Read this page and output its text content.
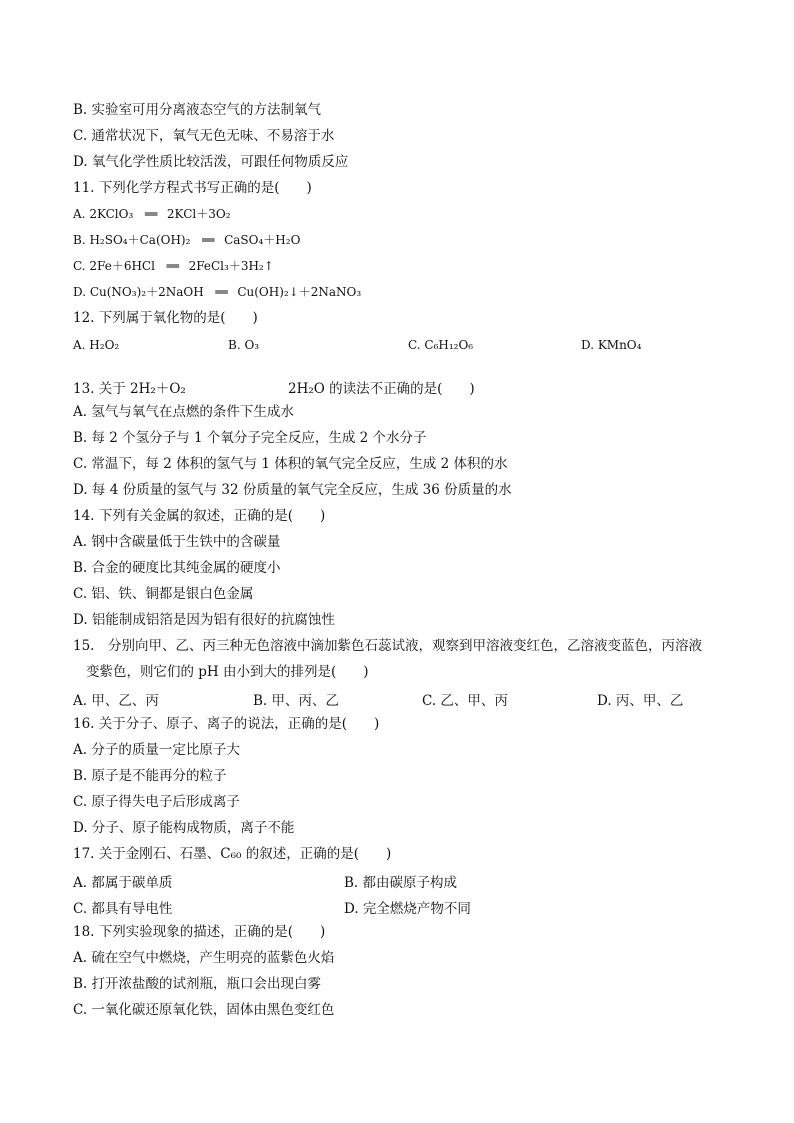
B. 实验室可用分离液态空气的方法制氧气
C. 通常状况下，氧气无色无味、不易溶于水
D. 氧气化学性质比较活泼，可跟任何物质反应
11. 下列化学方程式书写正确的是(　　)
A. 2KClO₃ ══ 2KCl＋3O₂
B. H₂SO₄＋Ca(OH)₂ ══ CaSO₄＋H₂O
C. 2Fe＋6HCl ══ 2FeCl₃＋3H₂↑
D. Cu(NO₃)₂＋2NaOH ══ Cu(OH)₂↓＋2NaNO₃
12. 下列属于氧化物的是(　　)
A. H₂O₂	B. O₃	C. C₆H₁₂O₆	D. KMnO₄
13. 关于 2H₂＋O₂	2H₂O 的读法不正确的是(　　)
A. 氢气与氧气在点燃的条件下生成水
B. 每 2 个氢分子与 1 个氧分子完全反应，生成 2 个水分子
C. 常温下，每 2 体积的氢气与 1 体积的氧气完全反应，生成 2 体积的水
D. 每 4 份质量的氢气与 32 份质量的氧气完全反应，生成 36 份质量的水
14. 下列有关金属的叙述，正确的是(　　)
A. 钢中含碳量低于生铁中的含碳量
B. 合金的硬度比其纯金属的硬度小
C. 铝、铁、铜都是银白色金属
D. 铝能制成铝箔是因为铝有很好的抗腐蚀性
15.　分别向甲、乙、丙三种无色溶液中滴加紫色石蕊试液，观察到甲溶液变红色，乙溶液变蓝色，丙溶液
变紫色，则它们的 pH 由小到大的排列是(　　)
A. 甲、乙、丙	B. 甲、丙、乙	C. 乙、甲、丙	D. 丙、甲、乙
16. 关于分子、原子、离子的说法，正确的是(　　)
A. 分子的质量一定比原子大
B. 原子是不能再分的粒子
C. 原子得失电子后形成离子
D. 分子、原子能构成物质，离子不能
17. 关于金刚石、石墨、C₆₀ 的叙述，正确的是(　　)
A. 都属于碳单质	B. 都由碳原子构成
C. 都具有导电性	D. 完全燃烧产物不同
18. 下列实验现象的描述，正确的是(　　)
A. 硫在空气中燃烧，产生明亮的蓝紫色火焰
B. 打开浓盐酸的试剂瓶，瓶口会出现白雾
C. 一氧化碳还原氧化铁，固体由黑色变红色
